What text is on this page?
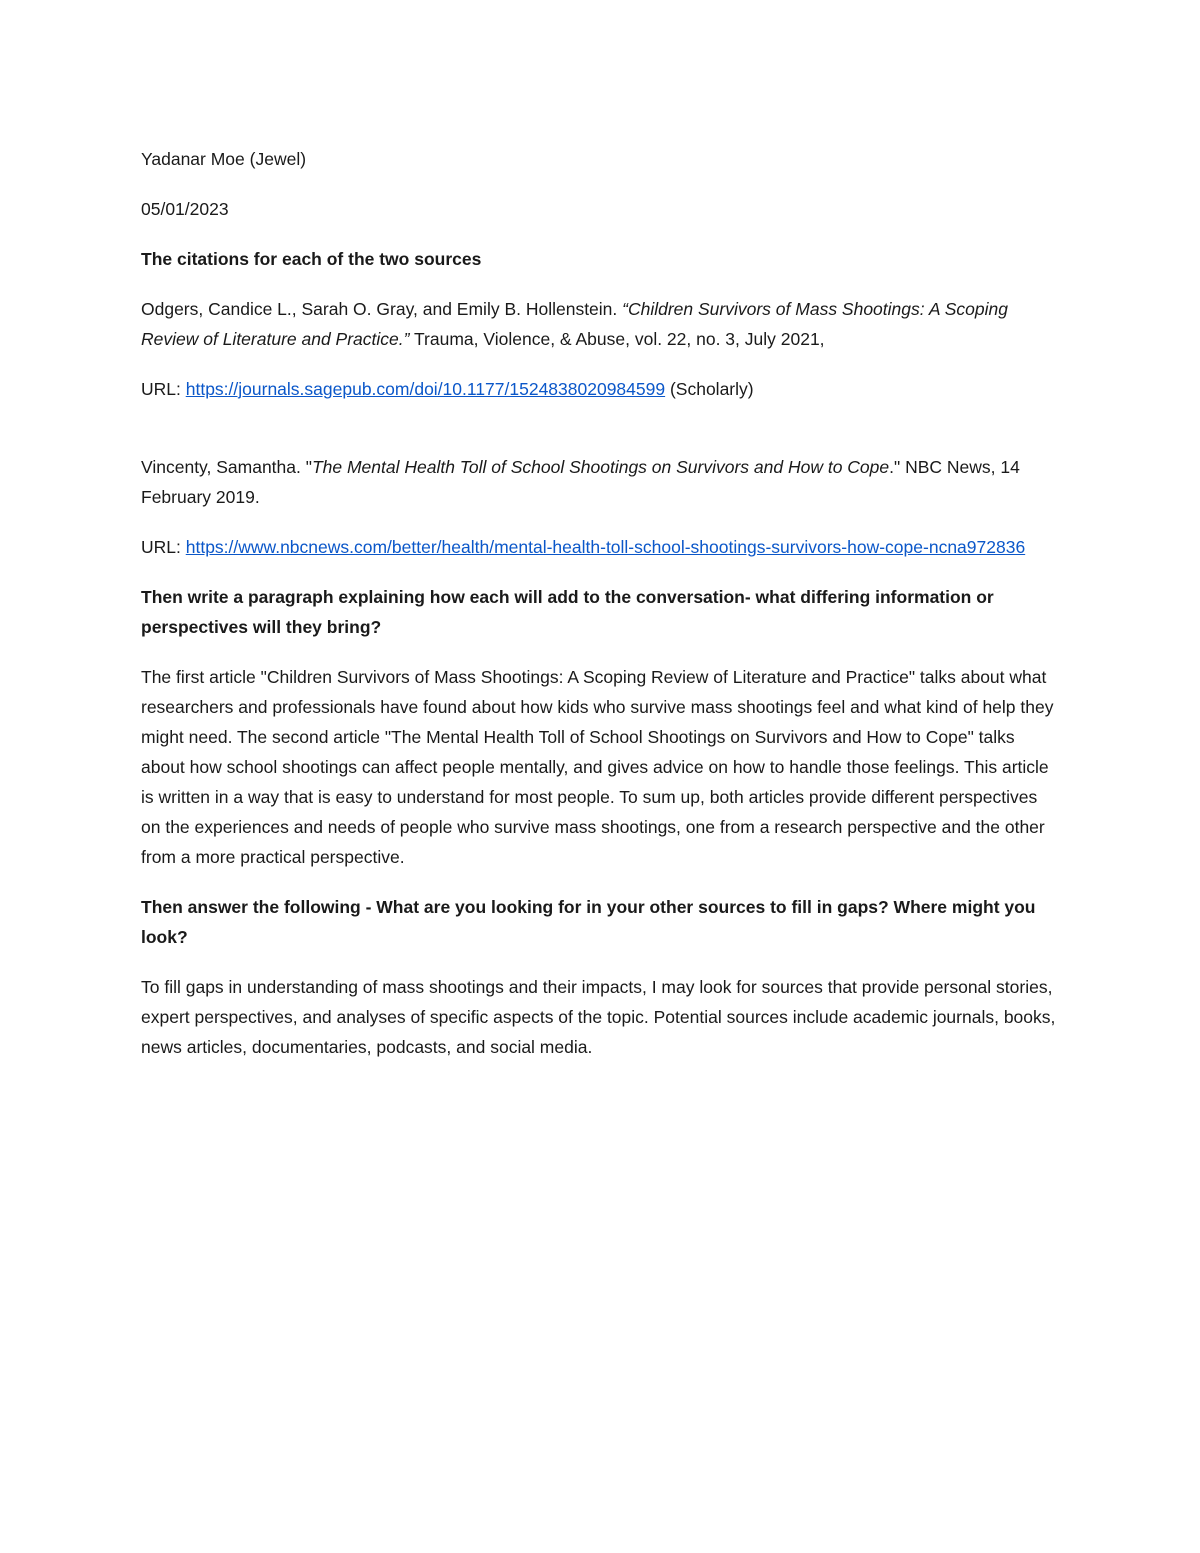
Yadanar Moe (Jewel)

05/01/2023

The citations for each of the two sources

Odgers, Candice L., Sarah O. Gray, and Emily B. Hollenstein. “Children Survivors of Mass Shootings: A Scoping Review of Literature and Practice.” Trauma, Violence, & Abuse, vol. 22, no. 3, July 2021,

URL: https://journals.sagepub.com/doi/10.1177/1524838020984599 (Scholarly)

Vincenty, Samantha. "The Mental Health Toll of School Shootings on Survivors and How to Cope." NBC News, 14 February 2019.

URL: https://www.nbcnews.com/better/health/mental-health-toll-school-shootings-survivors-how-cope-ncna972836

Then write a paragraph explaining how each will add to the conversation- what differing information or perspectives will they bring?

The first article "Children Survivors of Mass Shootings: A Scoping Review of Literature and Practice" talks about what researchers and professionals have found about how kids who survive mass shootings feel and what kind of help they might need. The second article "The Mental Health Toll of School Shootings on Survivors and How to Cope" talks about how school shootings can affect people mentally, and gives advice on how to handle those feelings. This article is written in a way that is easy to understand for most people. To sum up, both articles provide different perspectives on the experiences and needs of people who survive mass shootings, one from a research perspective and the other from a more practical perspective.

Then answer the following - What are you looking for in your other sources to fill in gaps? Where might you look?

To fill gaps in understanding of mass shootings and their impacts, I may look for sources that provide personal stories, expert perspectives, and analyses of specific aspects of the topic. Potential sources include academic journals, books, news articles, documentaries, podcasts, and social media.
